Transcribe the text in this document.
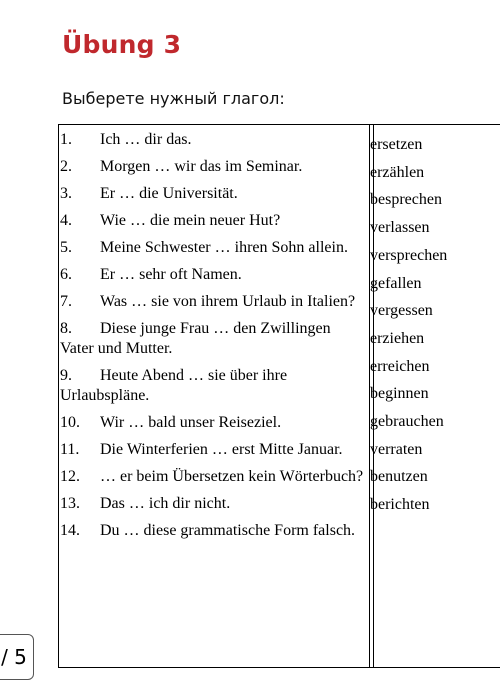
Übung 3
Выберете нужный глагол:
1. Ich … dir das.
2. Morgen … wir das im Seminar.
3. Er … die Universität.
4. Wie … die mein neuer Hut?
5. Meine Schwester … ihren Sohn allein.
6. Er … sehr oft Namen.
7. Was … sie von ihrem Urlaub in Italien?
8. Diese junge Frau … den Zwillingen Vater und Mutter.
9. Heute Abend … sie über ihre Urlaubspläne.
10. Wir … bald unser Reiseziel.
11. Die Winterferien … erst Mitte Januar.
12. … er beim Übersetzen kein Wörterbuch?
13. Das … ich dir nicht.
14. Du … diese grammatische Form falsch.
ersetzen
erzählen
besprechen
verlassen
versprechen
gefallen
vergessen
erziehen
erreichen
beginnen
gebrauchen
verraten
benutzen
berichten
/ 5
